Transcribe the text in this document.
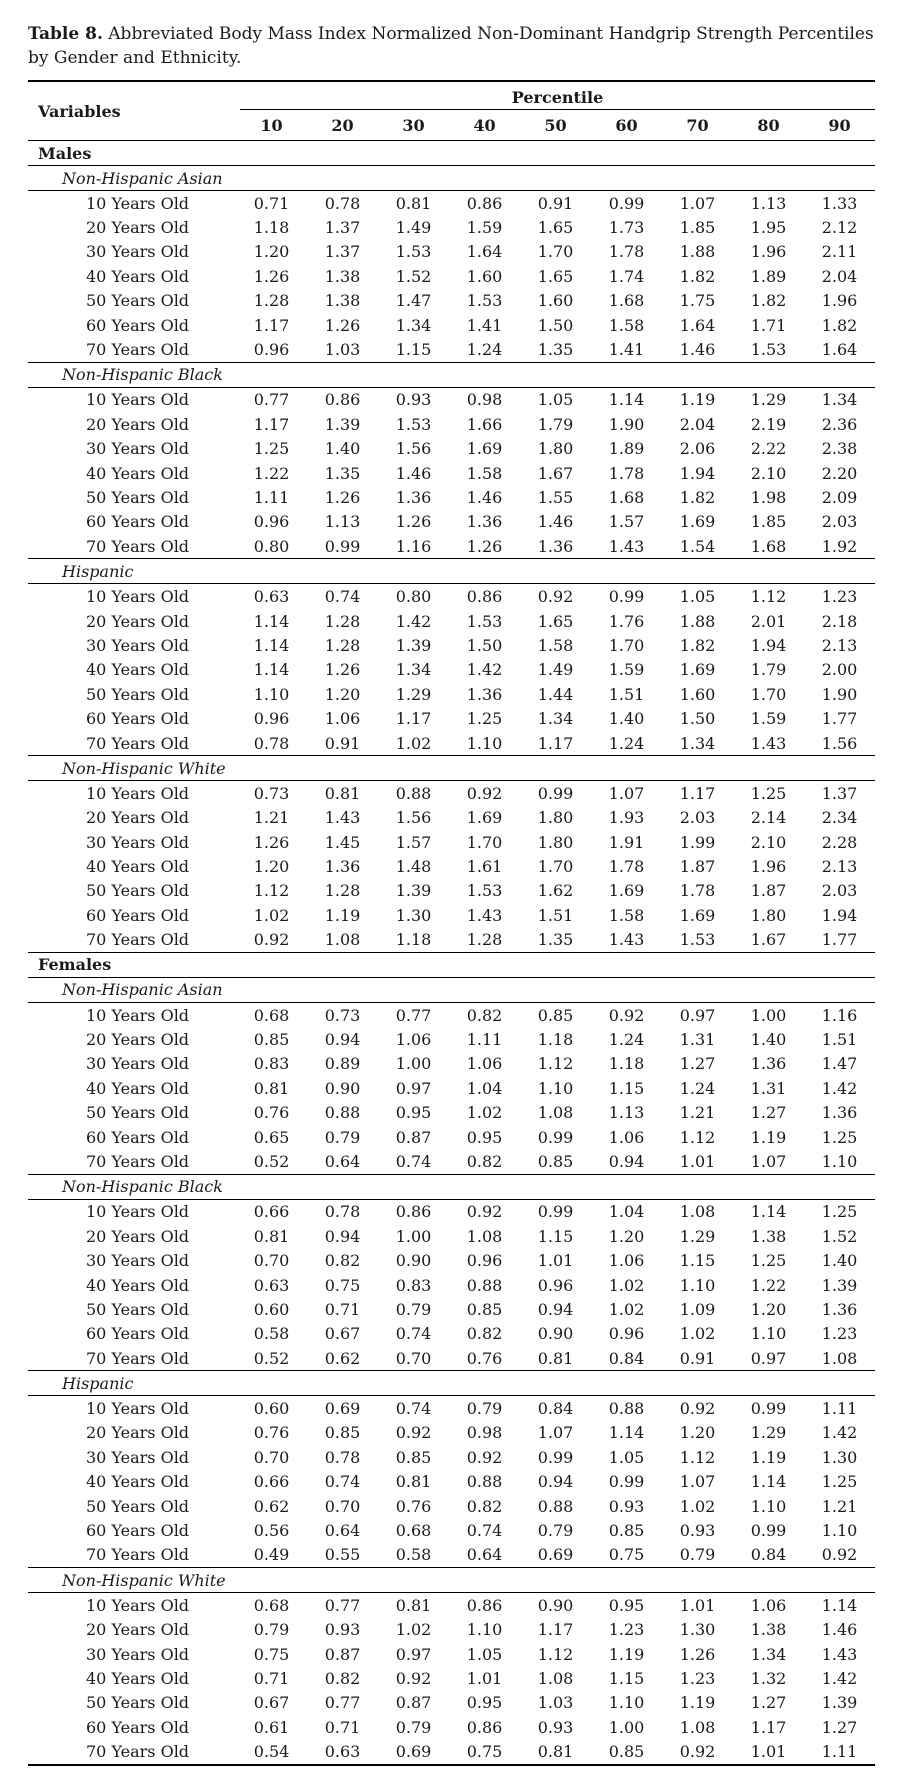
Table 8. Abbreviated Body Mass Index Normalized Non-Dominant Handgrip Strength Percentiles by Gender and Ethnicity.
Variables	Percentile								

	10	20	30	40	50	60	70	80	90
Males									
Non-Hispanic Asian									
10 Years Old	0.71	0.78	0.81	0.86	0.91	0.99	1.07	1.13	1.33
20 Years Old	1.18	1.37	1.49	1.59	1.65	1.73	1.85	1.95	2.12
30 Years Old	1.20	1.37	1.53	1.64	1.70	1.78	1.88	1.96	2.11
40 Years Old	1.26	1.38	1.52	1.60	1.65	1.74	1.82	1.89	2.04
50 Years Old	1.28	1.38	1.47	1.53	1.60	1.68	1.75	1.82	1.96
60 Years Old	1.17	1.26	1.34	1.41	1.50	1.58	1.64	1.71	1.82
70 Years Old	0.96	1.03	1.15	1.24	1.35	1.41	1.46	1.53	1.64
Non-Hispanic Black									
10 Years Old	0.77	0.86	0.93	0.98	1.05	1.14	1.19	1.29	1.34
20 Years Old	1.17	1.39	1.53	1.66	1.79	1.90	2.04	2.19	2.36
30 Years Old	1.25	1.40	1.56	1.69	1.80	1.89	2.06	2.22	2.38
40 Years Old	1.22	1.35	1.46	1.58	1.67	1.78	1.94	2.10	2.20
50 Years Old	1.11	1.26	1.36	1.46	1.55	1.68	1.82	1.98	2.09
60 Years Old	0.96	1.13	1.26	1.36	1.46	1.57	1.69	1.85	2.03
70 Years Old	0.80	0.99	1.16	1.26	1.36	1.43	1.54	1.68	1.92
Hispanic									
10 Years Old	0.63	0.74	0.80	0.86	0.92	0.99	1.05	1.12	1.23
20 Years Old	1.14	1.28	1.42	1.53	1.65	1.76	1.88	2.01	2.18
30 Years Old	1.14	1.28	1.39	1.50	1.58	1.70	1.82	1.94	2.13
40 Years Old	1.14	1.26	1.34	1.42	1.49	1.59	1.69	1.79	2.00
50 Years Old	1.10	1.20	1.29	1.36	1.44	1.51	1.60	1.70	1.90
60 Years Old	0.96	1.06	1.17	1.25	1.34	1.40	1.50	1.59	1.77
70 Years Old	0.78	0.91	1.02	1.10	1.17	1.24	1.34	1.43	1.56
Non-Hispanic White									
10 Years Old	0.73	0.81	0.88	0.92	0.99	1.07	1.17	1.25	1.37
20 Years Old	1.21	1.43	1.56	1.69	1.80	1.93	2.03	2.14	2.34
30 Years Old	1.26	1.45	1.57	1.70	1.80	1.91	1.99	2.10	2.28
40 Years Old	1.20	1.36	1.48	1.61	1.70	1.78	1.87	1.96	2.13
50 Years Old	1.12	1.28	1.39	1.53	1.62	1.69	1.78	1.87	2.03
60 Years Old	1.02	1.19	1.30	1.43	1.51	1.58	1.69	1.80	1.94
70 Years Old	0.92	1.08	1.18	1.28	1.35	1.43	1.53	1.67	1.77
Females									
Non-Hispanic Asian									
10 Years Old	0.68	0.73	0.77	0.82	0.85	0.92	0.97	1.00	1.16
20 Years Old	0.85	0.94	1.06	1.11	1.18	1.24	1.31	1.40	1.51
30 Years Old	0.83	0.89	1.00	1.06	1.12	1.18	1.27	1.36	1.47
40 Years Old	0.81	0.90	0.97	1.04	1.10	1.15	1.24	1.31	1.42
50 Years Old	0.76	0.88	0.95	1.02	1.08	1.13	1.21	1.27	1.36
60 Years Old	0.65	0.79	0.87	0.95	0.99	1.06	1.12	1.19	1.25
70 Years Old	0.52	0.64	0.74	0.82	0.85	0.94	1.01	1.07	1.10
Non-Hispanic Black									
10 Years Old	0.66	0.78	0.86	0.92	0.99	1.04	1.08	1.14	1.25
20 Years Old	0.81	0.94	1.00	1.08	1.15	1.20	1.29	1.38	1.52
30 Years Old	0.70	0.82	0.90	0.96	1.01	1.06	1.15	1.25	1.40
40 Years Old	0.63	0.75	0.83	0.88	0.96	1.02	1.10	1.22	1.39
50 Years Old	0.60	0.71	0.79	0.85	0.94	1.02	1.09	1.20	1.36
60 Years Old	0.58	0.67	0.74	0.82	0.90	0.96	1.02	1.10	1.23
70 Years Old	0.52	0.62	0.70	0.76	0.81	0.84	0.91	0.97	1.08
Hispanic									
10 Years Old	0.60	0.69	0.74	0.79	0.84	0.88	0.92	0.99	1.11
20 Years Old	0.76	0.85	0.92	0.98	1.07	1.14	1.20	1.29	1.42
30 Years Old	0.70	0.78	0.85	0.92	0.99	1.05	1.12	1.19	1.30
40 Years Old	0.66	0.74	0.81	0.88	0.94	0.99	1.07	1.14	1.25
50 Years Old	0.62	0.70	0.76	0.82	0.88	0.93	1.02	1.10	1.21
60 Years Old	0.56	0.64	0.68	0.74	0.79	0.85	0.93	0.99	1.10
70 Years Old	0.49	0.55	0.58	0.64	0.69	0.75	0.79	0.84	0.92
Non-Hispanic White									
10 Years Old	0.68	0.77	0.81	0.86	0.90	0.95	1.01	1.06	1.14
20 Years Old	0.79	0.93	1.02	1.10	1.17	1.23	1.30	1.38	1.46
30 Years Old	0.75	0.87	0.97	1.05	1.12	1.19	1.26	1.34	1.43
40 Years Old	0.71	0.82	0.92	1.01	1.08	1.15	1.23	1.32	1.42
50 Years Old	0.67	0.77	0.87	0.95	1.03	1.10	1.19	1.27	1.39
60 Years Old	0.61	0.71	0.79	0.86	0.93	1.00	1.08	1.17	1.27
70 Years Old	0.54	0.63	0.69	0.75	0.81	0.85	0.92	1.01	1.11
